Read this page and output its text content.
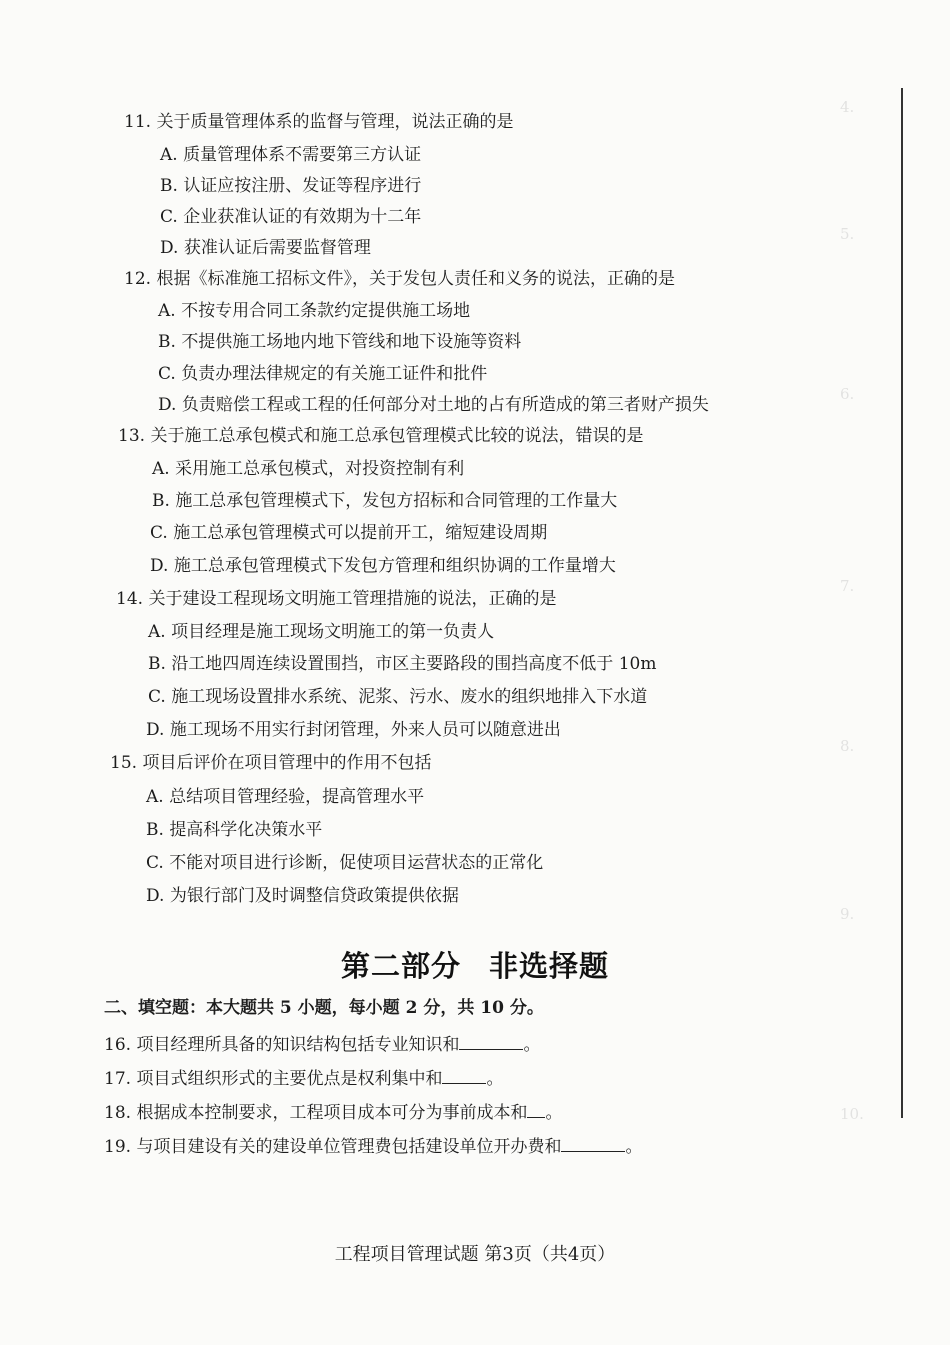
4.
5.
6.
7.
8.
9.
10.
11. 关于质量管理体系的监督与管理，说法正确的是
A. 质量管理体系不需要第三方认证
B. 认证应按注册、发证等程序进行
C. 企业获准认证的有效期为十二年
D. 获准认证后需要监督管理
12. 根据《标准施工招标文件》，关于发包人责任和义务的说法，正确的是
A. 不按专用合同工条款约定提供施工场地
B. 不提供施工场地内地下管线和地下设施等资料
C. 负责办理法律规定的有关施工证件和批件
D. 负责赔偿工程或工程的任何部分对土地的占有所造成的第三者财产损失
13. 关于施工总承包模式和施工总承包管理模式比较的说法，错误的是
A. 采用施工总承包模式，对投资控制有利
B. 施工总承包管理模式下，发包方招标和合同管理的工作量大
C. 施工总承包管理模式可以提前开工，缩短建设周期
D. 施工总承包管理模式下发包方管理和组织协调的工作量增大
14. 关于建设工程现场文明施工管理措施的说法，正确的是
A. 项目经理是施工现场文明施工的第一负责人
B. 沿工地四周连续设置围挡，市区主要路段的围挡高度不低于 10m
C. 施工现场设置排水系统、泥浆、污水、废水的组织地排入下水道
D. 施工现场不用实行封闭管理，外来人员可以随意进出
15. 项目后评价在项目管理中的作用不包括
A. 总结项目管理经验，提高管理水平
B. 提高科学化决策水平
C. 不能对项目进行诊断，促使项目运营状态的正常化
D. 为银行部门及时调整信贷政策提供依据
第二部分 非选择题
二、填空题：本大题共 5 小题，每小题 2 分，共 10 分。
16. 项目经理所具备的知识结构包括专业知识和	。
17. 项目式组织形式的主要优点是权利集中和	。
18. 根据成本控制要求，工程项目成本可分为事前成本和 。
19. 与项目建设有关的建设单位管理费包括建设单位开办费和	。
工程项目管理试题 第3页（共4页）
